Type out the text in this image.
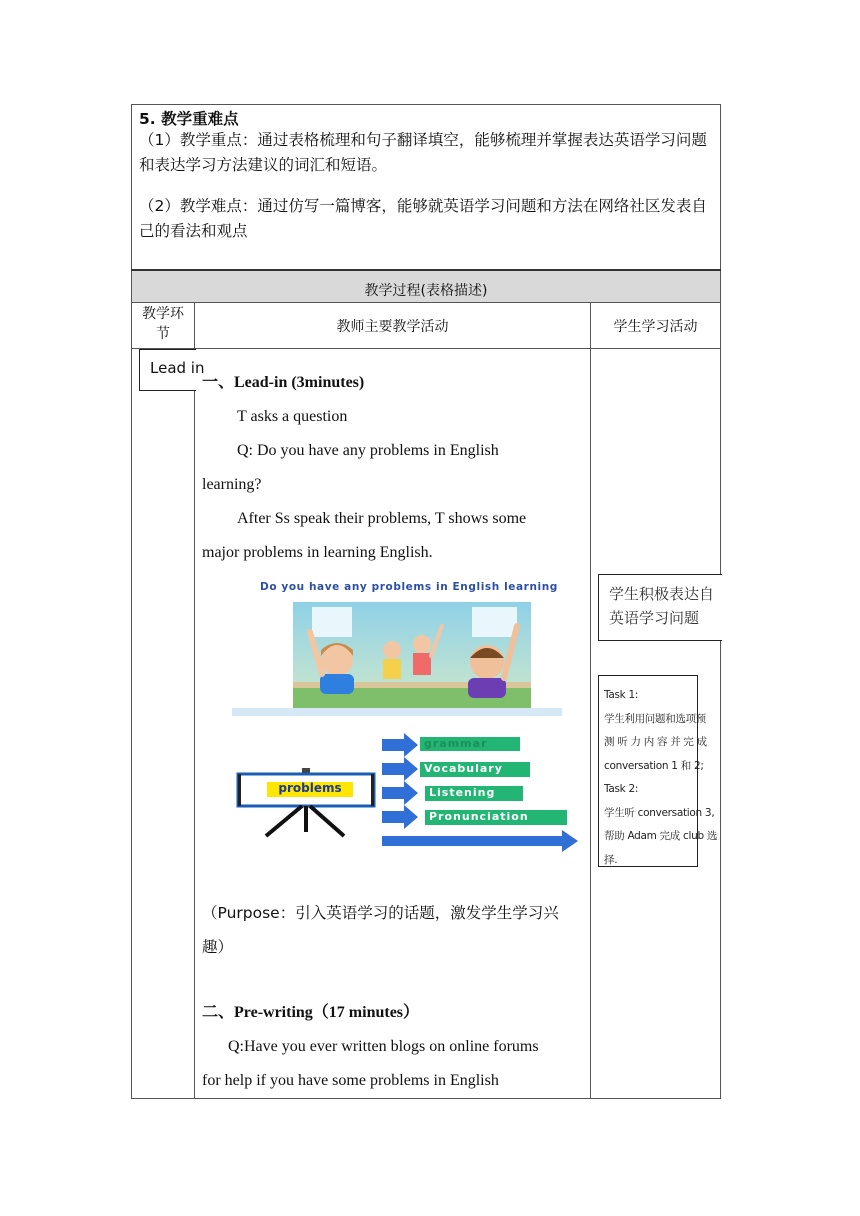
5. 教学重难点
（1）教学重点：通过表格梳理和句子翻译填空，能够梳理并掌握表达英语学习问题和表达学习方法建议的词汇和短语。
（2）教学难点：通过仿写一篇博客，能够就英语学习问题和方法在网络社区发表自己的看法和观点
教学过程(表格描述)
教学环
节	教师主要教学活动	学生学习活动
Lead in
一、Lead-in (3minutes)
T asks a question
Q: Do you have any problems in English
learning?
After Ss speak their problems, T shows some
major problems in learning English.
Do you have any problems in English learning
problems
grammar
Vocabulary
Listening
Pronunciation
（Purpose：引入英语学习的话题，激发学生学习兴
趣）
二、Pre-writing（17 minutes）
Q:Have you ever written blogs on online forums
for help if you have some problems in English
学生积极表达自
英语学习问题
Task 1:
学生利用问题和选项预
测 听 力 内 容 并 完 成
conversation 1 和 2;
Task 2:
学生听 conversation 3,
帮助 Adam 完成 club 选
择.
